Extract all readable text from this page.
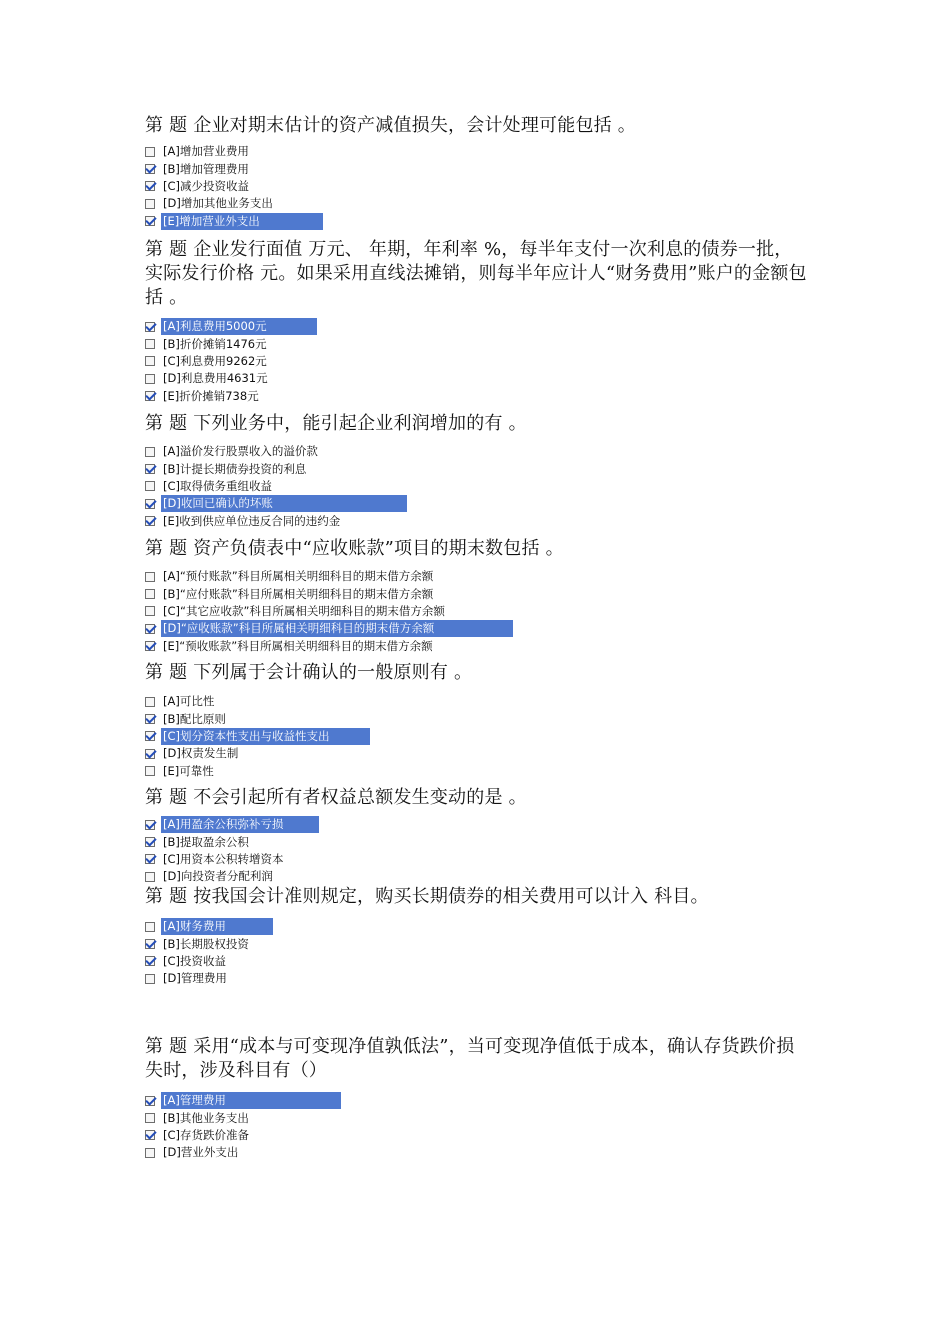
第 题 企业对期末估计的资产减值损失，会计处理可能包括 。
[A]增加营业费用
[B]增加管理费用
[C]减少投资收益
[D]增加其他业务支出
[E]增加营业外支出
第 题 企业发行面值 万元、 年期，年利率 %，每半年支付一次利息的债券一批，实际发行价格 元。如果采用直线法摊销，则每半年应计人“财务费用”账户的金额包括 。
[A]利息费用5000元
[B]折价摊销1476元
[C]利息费用9262元
[D]利息费用4631元
[E]折价摊销738元
第 题 下列业务中，能引起企业利润增加的有 。
[A]溢价发行股票收入的溢价款
[B]计提长期债券投资的利息
[C]取得债务重组收益
[D]收回已确认的坏账
[E]收到供应单位违反合同的违约金
第 题 资产负债表中“应收账款”项目的期末数包括 。
[A]“预付账款”科目所属相关明细科目的期末借方余额
[B]“应付账款”科目所属相关明细科目的期末借方余额
[C]“其它应收款”科目所属相关明细科目的期末借方余额
[D]“应收账款”科目所属相关明细科目的期末借方余额
[E]“预收账款”科目所属相关明细科目的期末借方余额
第 题 下列属于会计确认的一般原则有 。
[A]可比性
[B]配比原则
[C]划分资本性支出与收益性支出
[D]权责发生制
[E]可靠性
第 题 不会引起所有者权益总额发生变动的是 。
[A]用盈余公积弥补亏损
[B]提取盈余公积
[C]用资本公积转增资本
[D]向投资者分配利润
第 题 按我国会计准则规定，购买长期债券的相关费用可以计入 科目。
[A]财务费用
[B]长期股权投资
[C]投资收益
[D]管理费用
第 题 采用“成本与可变现净值孰低法”，当可变现净值低于成本，确认存货跌价损失时，涉及科目有（）
[A]管理费用
[B]其他业务支出
[C]存货跌价准备
[D]营业外支出
